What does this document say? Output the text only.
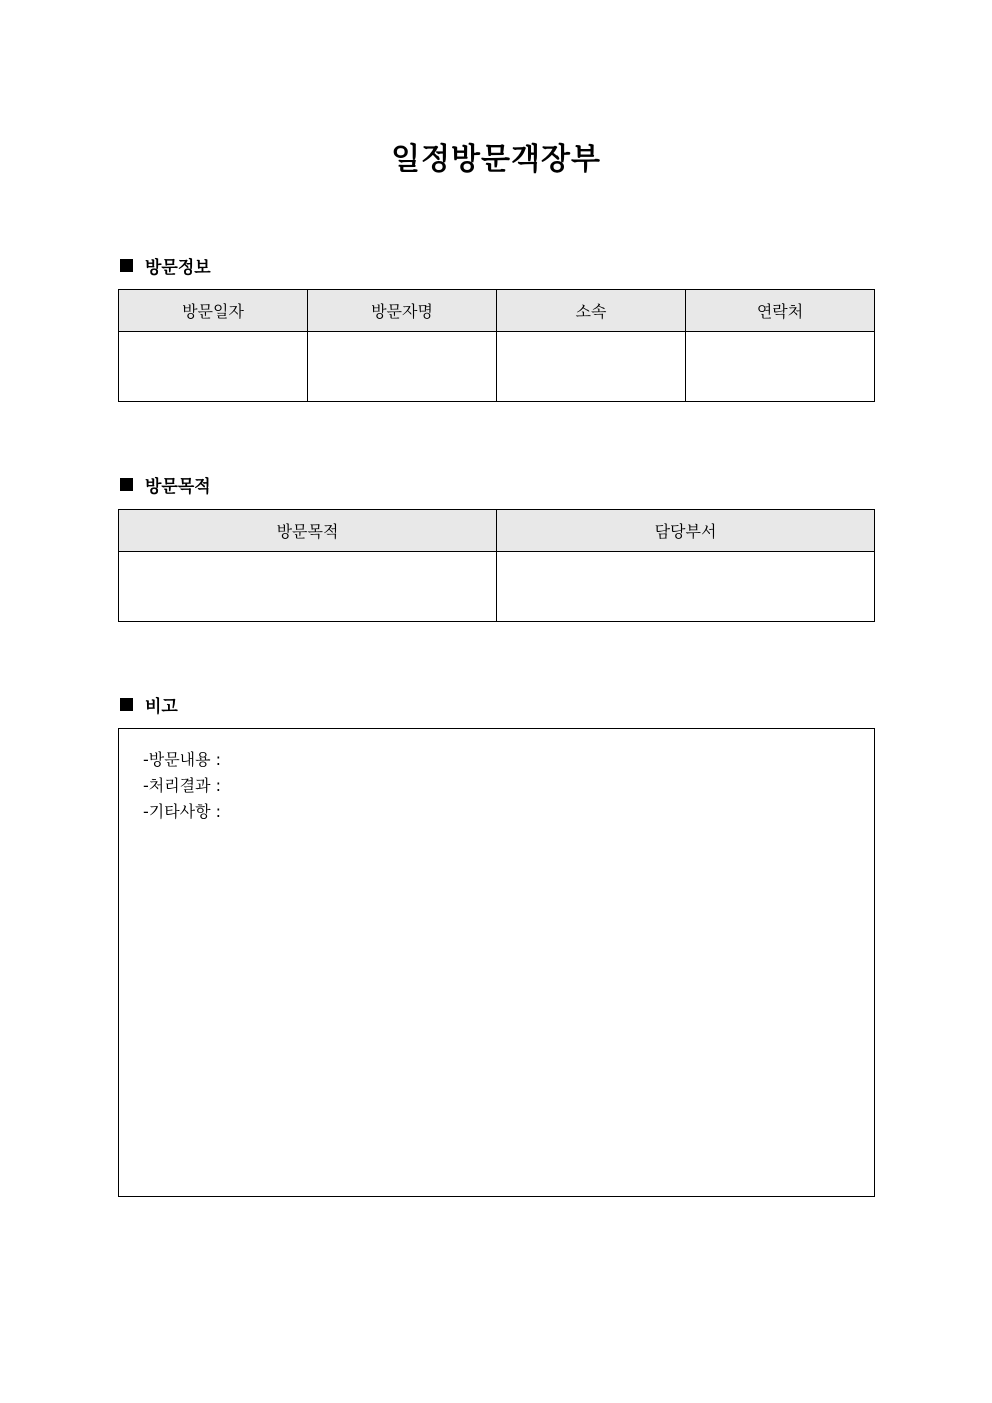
일정방문객장부
방문정보
방문일자	방문자명	소속	연락처

방문목적
방문목적	담당부서

비고
-방문내용 :
-처리결과 :
-기타사항 :
